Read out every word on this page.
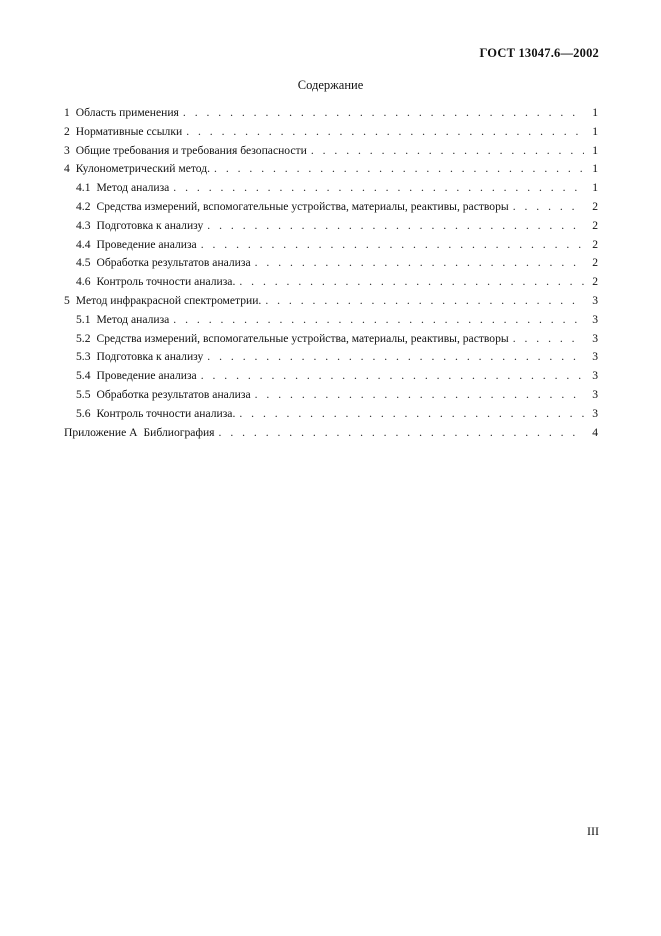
ГОСТ 13047.6—2002
Содержание
1 Область применения . . .	1
2 Нормативные ссылки . . .	1
3 Общие требования и требования безопасности . . .	1
4 Кулонометрический метод. . . .	1
4.1 Метод анализа . . .	1
4.2 Средства измерений, вспомогательные устройства, материалы, реактивы, растворы . . .	2
4.3 Подготовка к анализу . . .	2
4.4 Проведение анализа . . .	2
4.5 Обработка результатов анализа . . .	2
4.6 Контроль точности анализа. . . .	2
5 Метод инфракрасной спектрометрии. . . .	3
5.1 Метод анализа . . .	3
5.2 Средства измерений, вспомогательные устройства, материалы, реактивы, растворы . . .	3
5.3 Подготовка к анализу . . .	3
5.4 Проведение анализа . . .	3
5.5 Обработка результатов анализа . . .	3
5.6 Контроль точности анализа. . . .	3
Приложение А Библиография . . .	4
III
